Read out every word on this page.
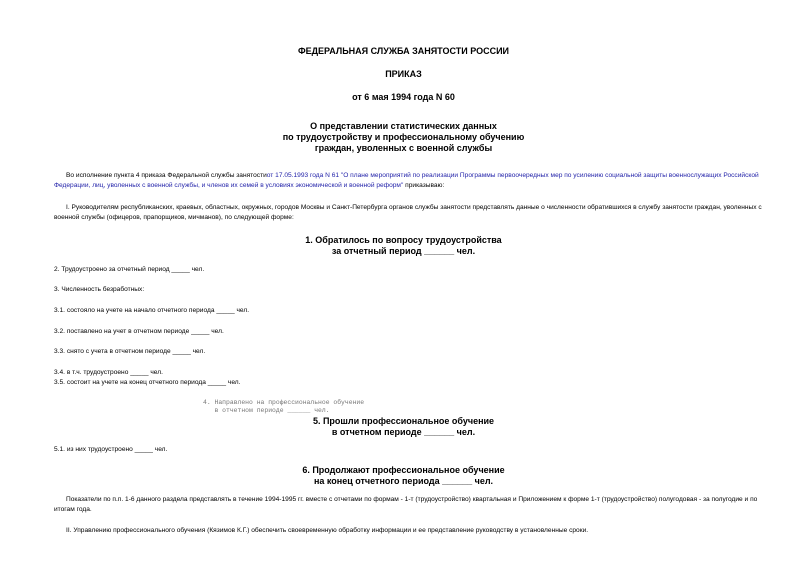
ФЕДЕРАЛЬНАЯ СЛУЖБА ЗАНЯТОСТИ РОССИИ
ПРИКАЗ
от 6 мая 1994 года N 60
О представлении статистических данных
по трудоустройству и профессиональному обучению
граждан, уволенных с военной службы
Во исполнение пункта 4 приказа Федеральной службы занятостиот 17.05.1993 года N 61 "О плане мероприятий по реализации Программы первоочередных мер по усилению социальной защиты военнослужащих Российской Федерации, лиц, уволенных с военной службы, и членов их семей в условиях экономической и военной реформ" приказываю:
I. Руководителям республиканских, краевых, областных, окружных, городов Москвы и Санкт-Петербурга органов службы занятости представлять данные о численности обратившихся в службу занятости граждан, уволенных с военной службы (офицеров, прапорщиков, мичманов), по следующей форме:
1. Обратилось по вопросу трудоустройства
за отчетный период ______ чел.
2. Трудоустроено за отчетный период _____ чел.
3. Численность безработных:
3.1. состояло на учете на начало отчетного периода _____ чел.
3.2. поставлено на учет в отчетном периоде _____ чел.
3.3. снято с учета в отчетном периоде _____ чел.
3.4. в т.ч. трудоустроено _____ чел.
3.5. состоит на учете на конец отчетного периода _____ чел.
4. Направлено на профессиональное обучение
в отчетном периоде ______ чел.
5. Прошли профессиональное обучение
в отчетном периоде ______ чел.
5.1. из них трудоустроено _____ чел.
6. Продолжают профессиональное обучение
на конец отчетного периода ______ чел.
Показатели по п.п. 1-6 данного раздела представлять в течение 1994-1995 гг. вместе с отчетами по формам - 1-т (трудоустройство) квартальная и Приложением к форме 1-т (трудоустройство) полугодовая - за полугодие и по итогам года.
II. Управлению профессионального обучения (Кязимов К.Г.) обеспечить своевременную обработку информации и ее представление руководству в установленные сроки.
